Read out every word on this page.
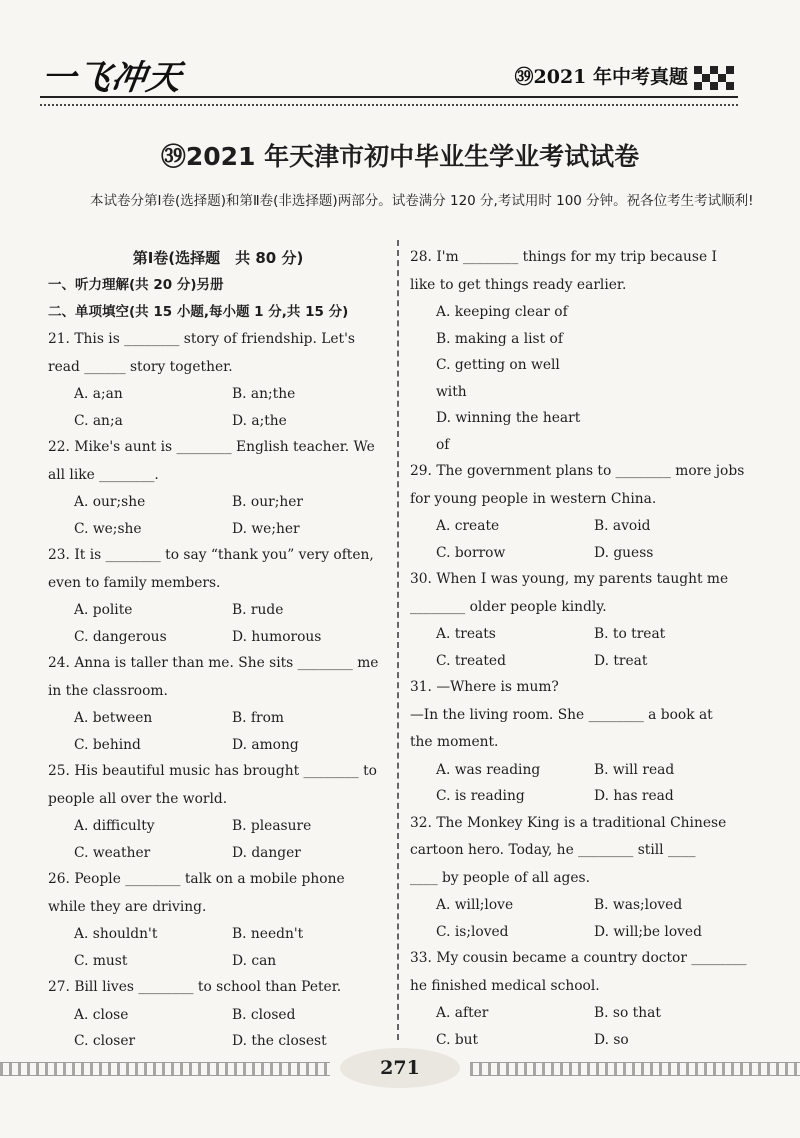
一飞冲天	㊴2021 年中考真题
㊴2021 年天津市初中毕业生学业考试试卷
本试卷分第Ⅰ卷(选择题)和第Ⅱ卷(非选择题)两部分。试卷满分 120 分,考试用时 100 分钟。祝各位考生考试顺利!
第Ⅰ卷(选择题　共 80 分)
一、听力理解(共 20 分)另册
二、单项填空(共 15 小题,每小题 1 分,共 15 分)
21. This is ________ story of friendship. Let's
read ______ story together.
A. a;an	B. an;the
C. an;a	D. a;the
22. Mike's aunt is ________ English teacher. We
all like ________.
A. our;she	B. our;her
C. we;she	D. we;her
23. It is ________ to say “thank you” very often,
even to family members.
A. polite	B. rude
C. dangerous	D. humorous
24. Anna is taller than me. She sits ________ me
in the classroom.
A. between	B. from
C. behind	D. among
25. His beautiful music has brought ________ to
people all over the world.
A. difficulty	B. pleasure
C. weather	D. danger
26. People ________ talk on a mobile phone
while they are driving.
A. shouldn't	B. needn't
C. must	D. can
27. Bill lives ________ to school than Peter.
A. close	B. closed
C. closer	D. the closest
28. I'm ________ things for my trip because I
like to get things ready earlier.
A. keeping clear of
B. making a list of
C. getting on well with
D. winning the heart of
29. The government plans to ________ more jobs
for young people in western China.
A. create	B. avoid
C. borrow	D. guess
30. When I was young, my parents taught me
________ older people kindly.
A. treats	B. to treat
C. treated	D. treat
31. —Where is mum?
—In the living room. She ________ a book at
the moment.
A. was reading	B. will read
C. is reading	D. has read
32. The Monkey King is a traditional Chinese
cartoon hero. Today, he ________ still ____
____ by people of all ages.
A. will;love	B. was;loved
C. is;loved	D. will;be loved
33. My cousin became a country doctor ________
he finished medical school.
A. after	B. so that
C. but	D. so
271
